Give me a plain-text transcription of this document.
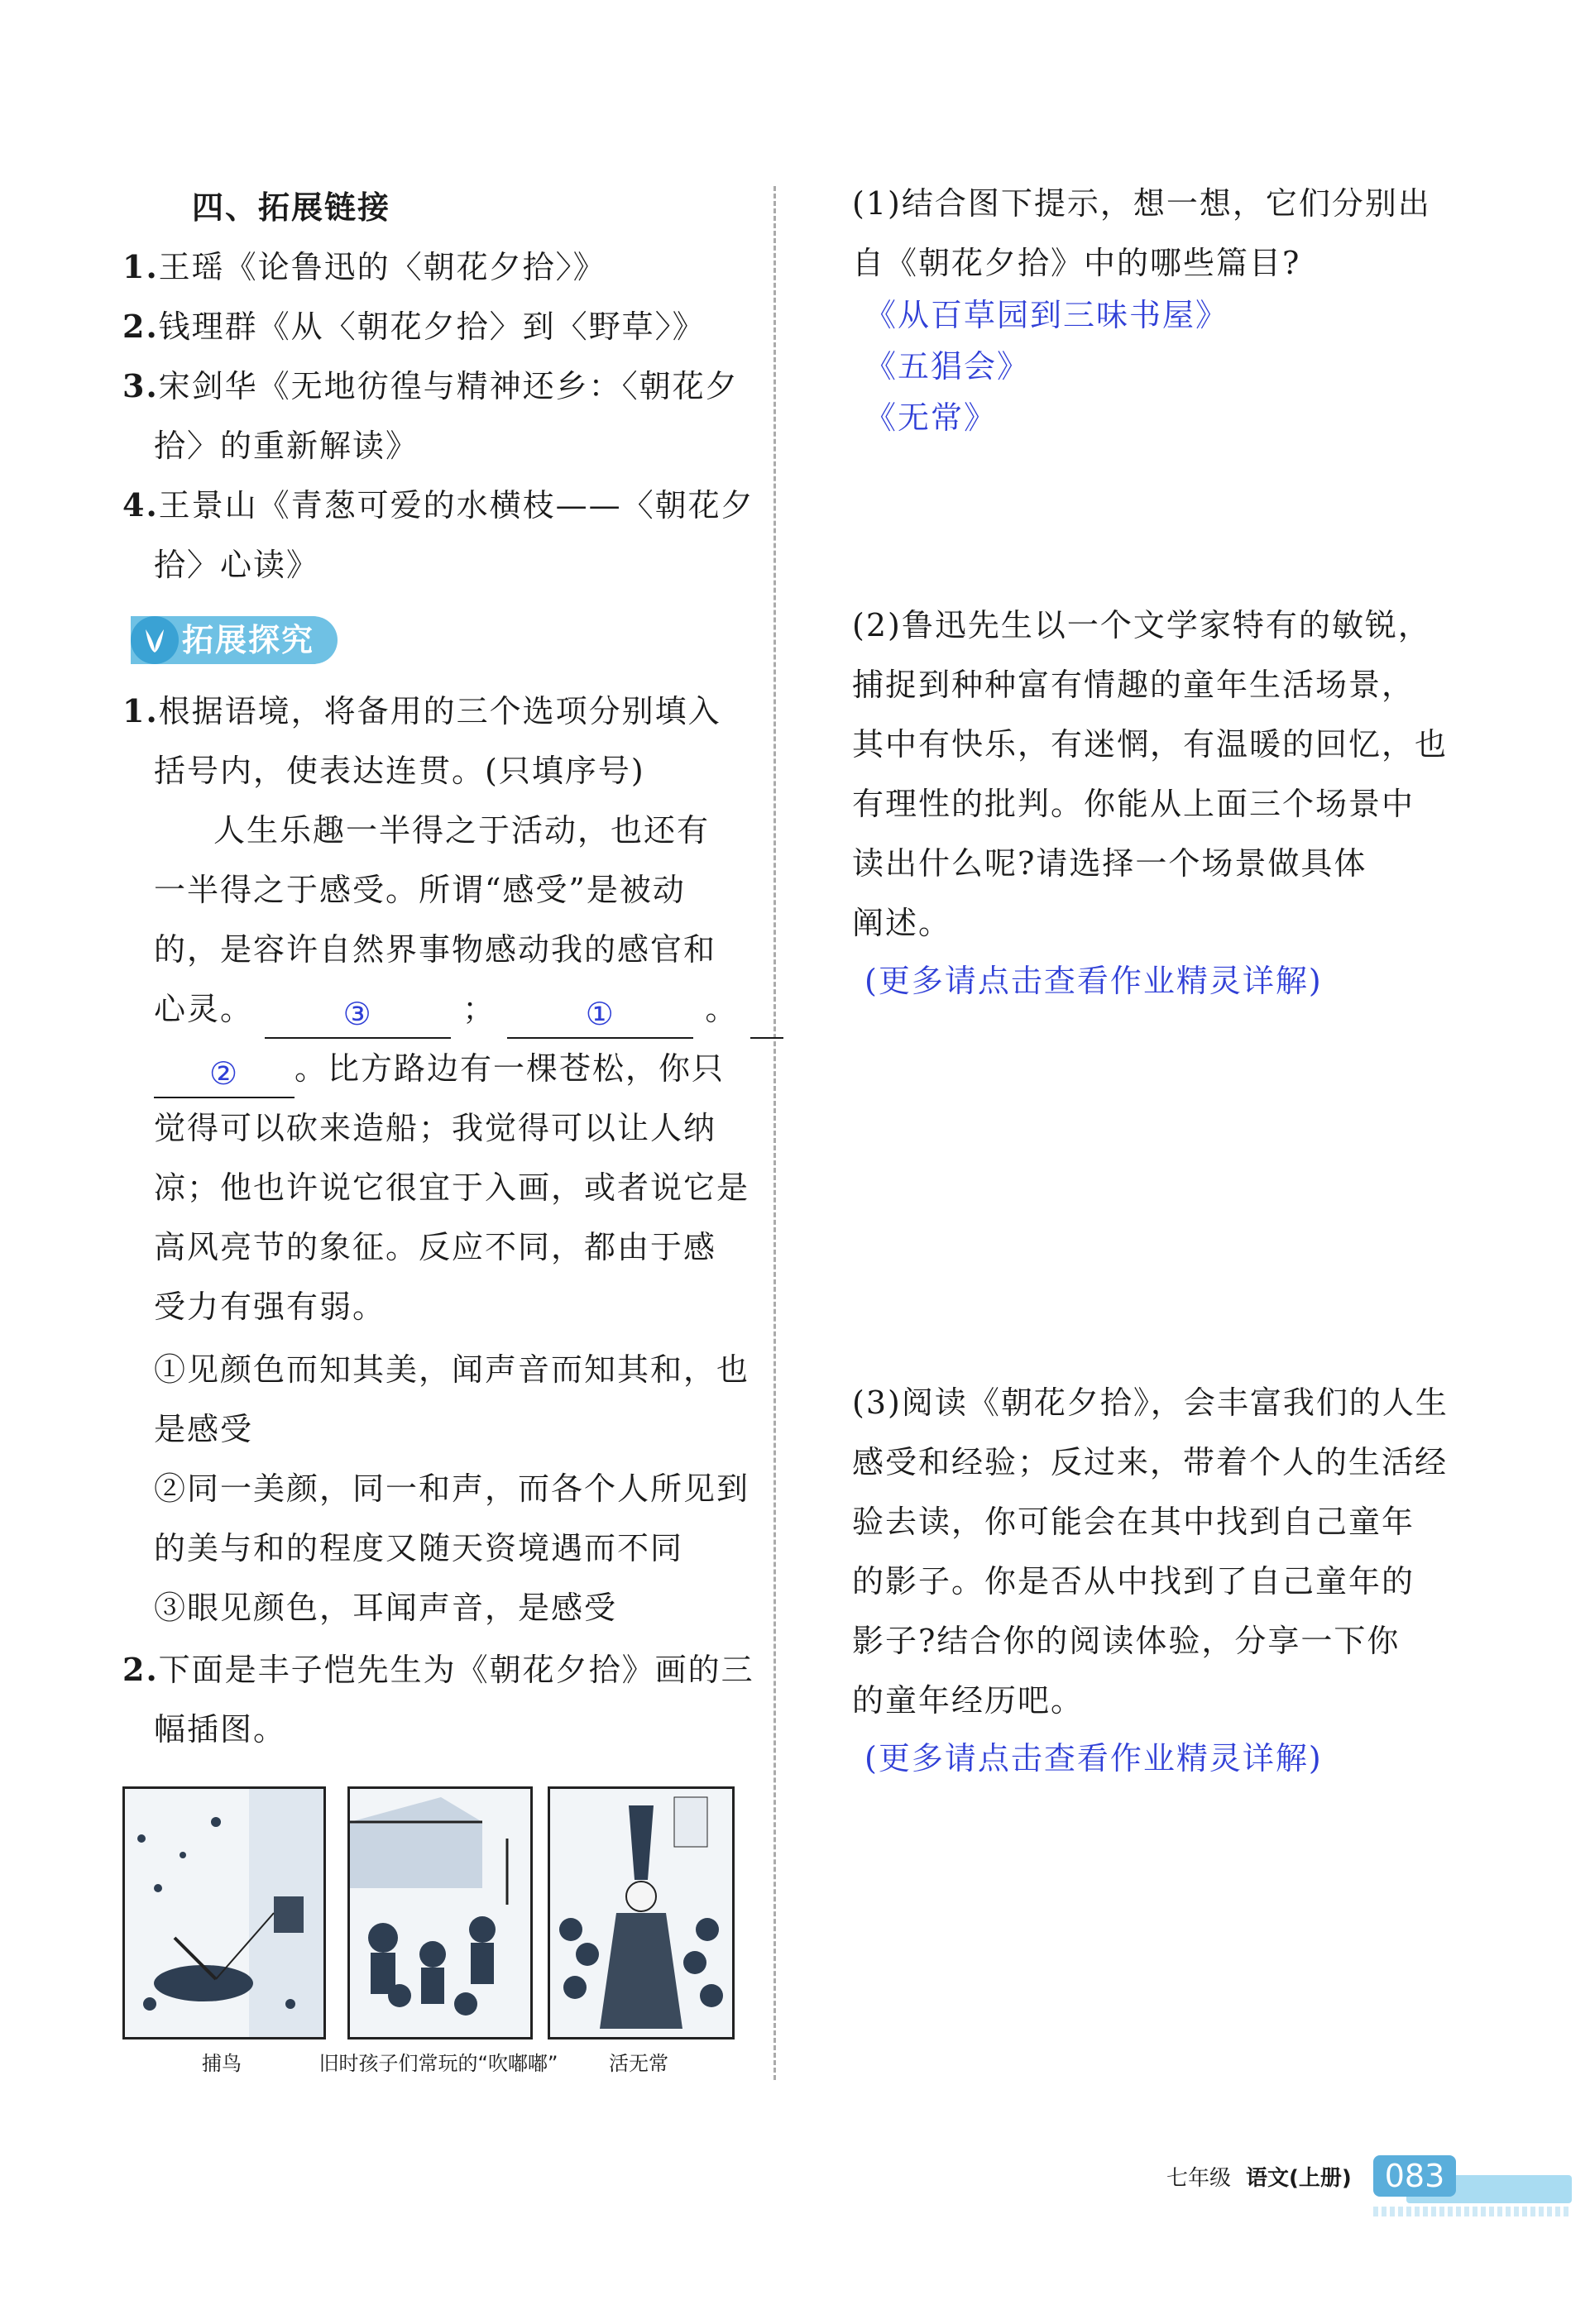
四、拓展链接
1.王瑶《论鲁迅的〈朝花夕拾〉》
2.钱理群《从〈朝花夕拾〉到〈野草〉》
3.宋剑华《无地彷徨与精神还乡：〈朝花夕
拾〉的重新解读》
4.王景山《青葱可爱的水横枝——〈朝花夕
拾〉心读》
拓展探究
1.根据语境，将备用的三个选项分别填入
括号内，使表达连贯。(只填序号)
人生乐趣一半得之于活动，也还有
一半得之于感受。所谓“感受”是被动
的，是容许自然界事物感动我的感官和
心灵。	③	；	①	。
② 。比方路边有一棵苍松，你只
觉得可以砍来造船；我觉得可以让人纳
凉；他也许说它很宜于入画，或者说它是
高风亮节的象征。反应不同，都由于感
受力有强有弱。
①见颜色而知其美，闻声音而知其和，也
是感受
②同一美颜，同一和声，而各个人所见到
的美与和的程度又随天资境遇而不同
③眼见颜色，耳闻声音，是感受
2.下面是丰子恺先生为《朝花夕拾》画的三
幅插图。
捕鸟	旧时孩子们常玩的“吹嘟嘟”	活无常
(1)结合图下提示，想一想，它们分别出
自《朝花夕拾》中的哪些篇目?
《从百草园到三味书屋》
《五猖会》
《无常》
(2)鲁迅先生以一个文学家特有的敏锐，
捕捉到种种富有情趣的童年生活场景，
其中有快乐，有迷惘，有温暖的回忆，也
有理性的批判。你能从上面三个场景中
读出什么呢?请选择一个场景做具体
阐述。
(更多请点击查看作业精灵详解)
(3)阅读《朝花夕拾》，会丰富我们的人生
感受和经验；反过来，带着个人的生活经
验去读，你可能会在其中找到自己童年
的影子。你是否从中找到了自己童年的
影子?结合你的阅读体验，分享一下你
的童年经历吧。
(更多请点击查看作业精灵详解)
七年级 语文(上册)	083
